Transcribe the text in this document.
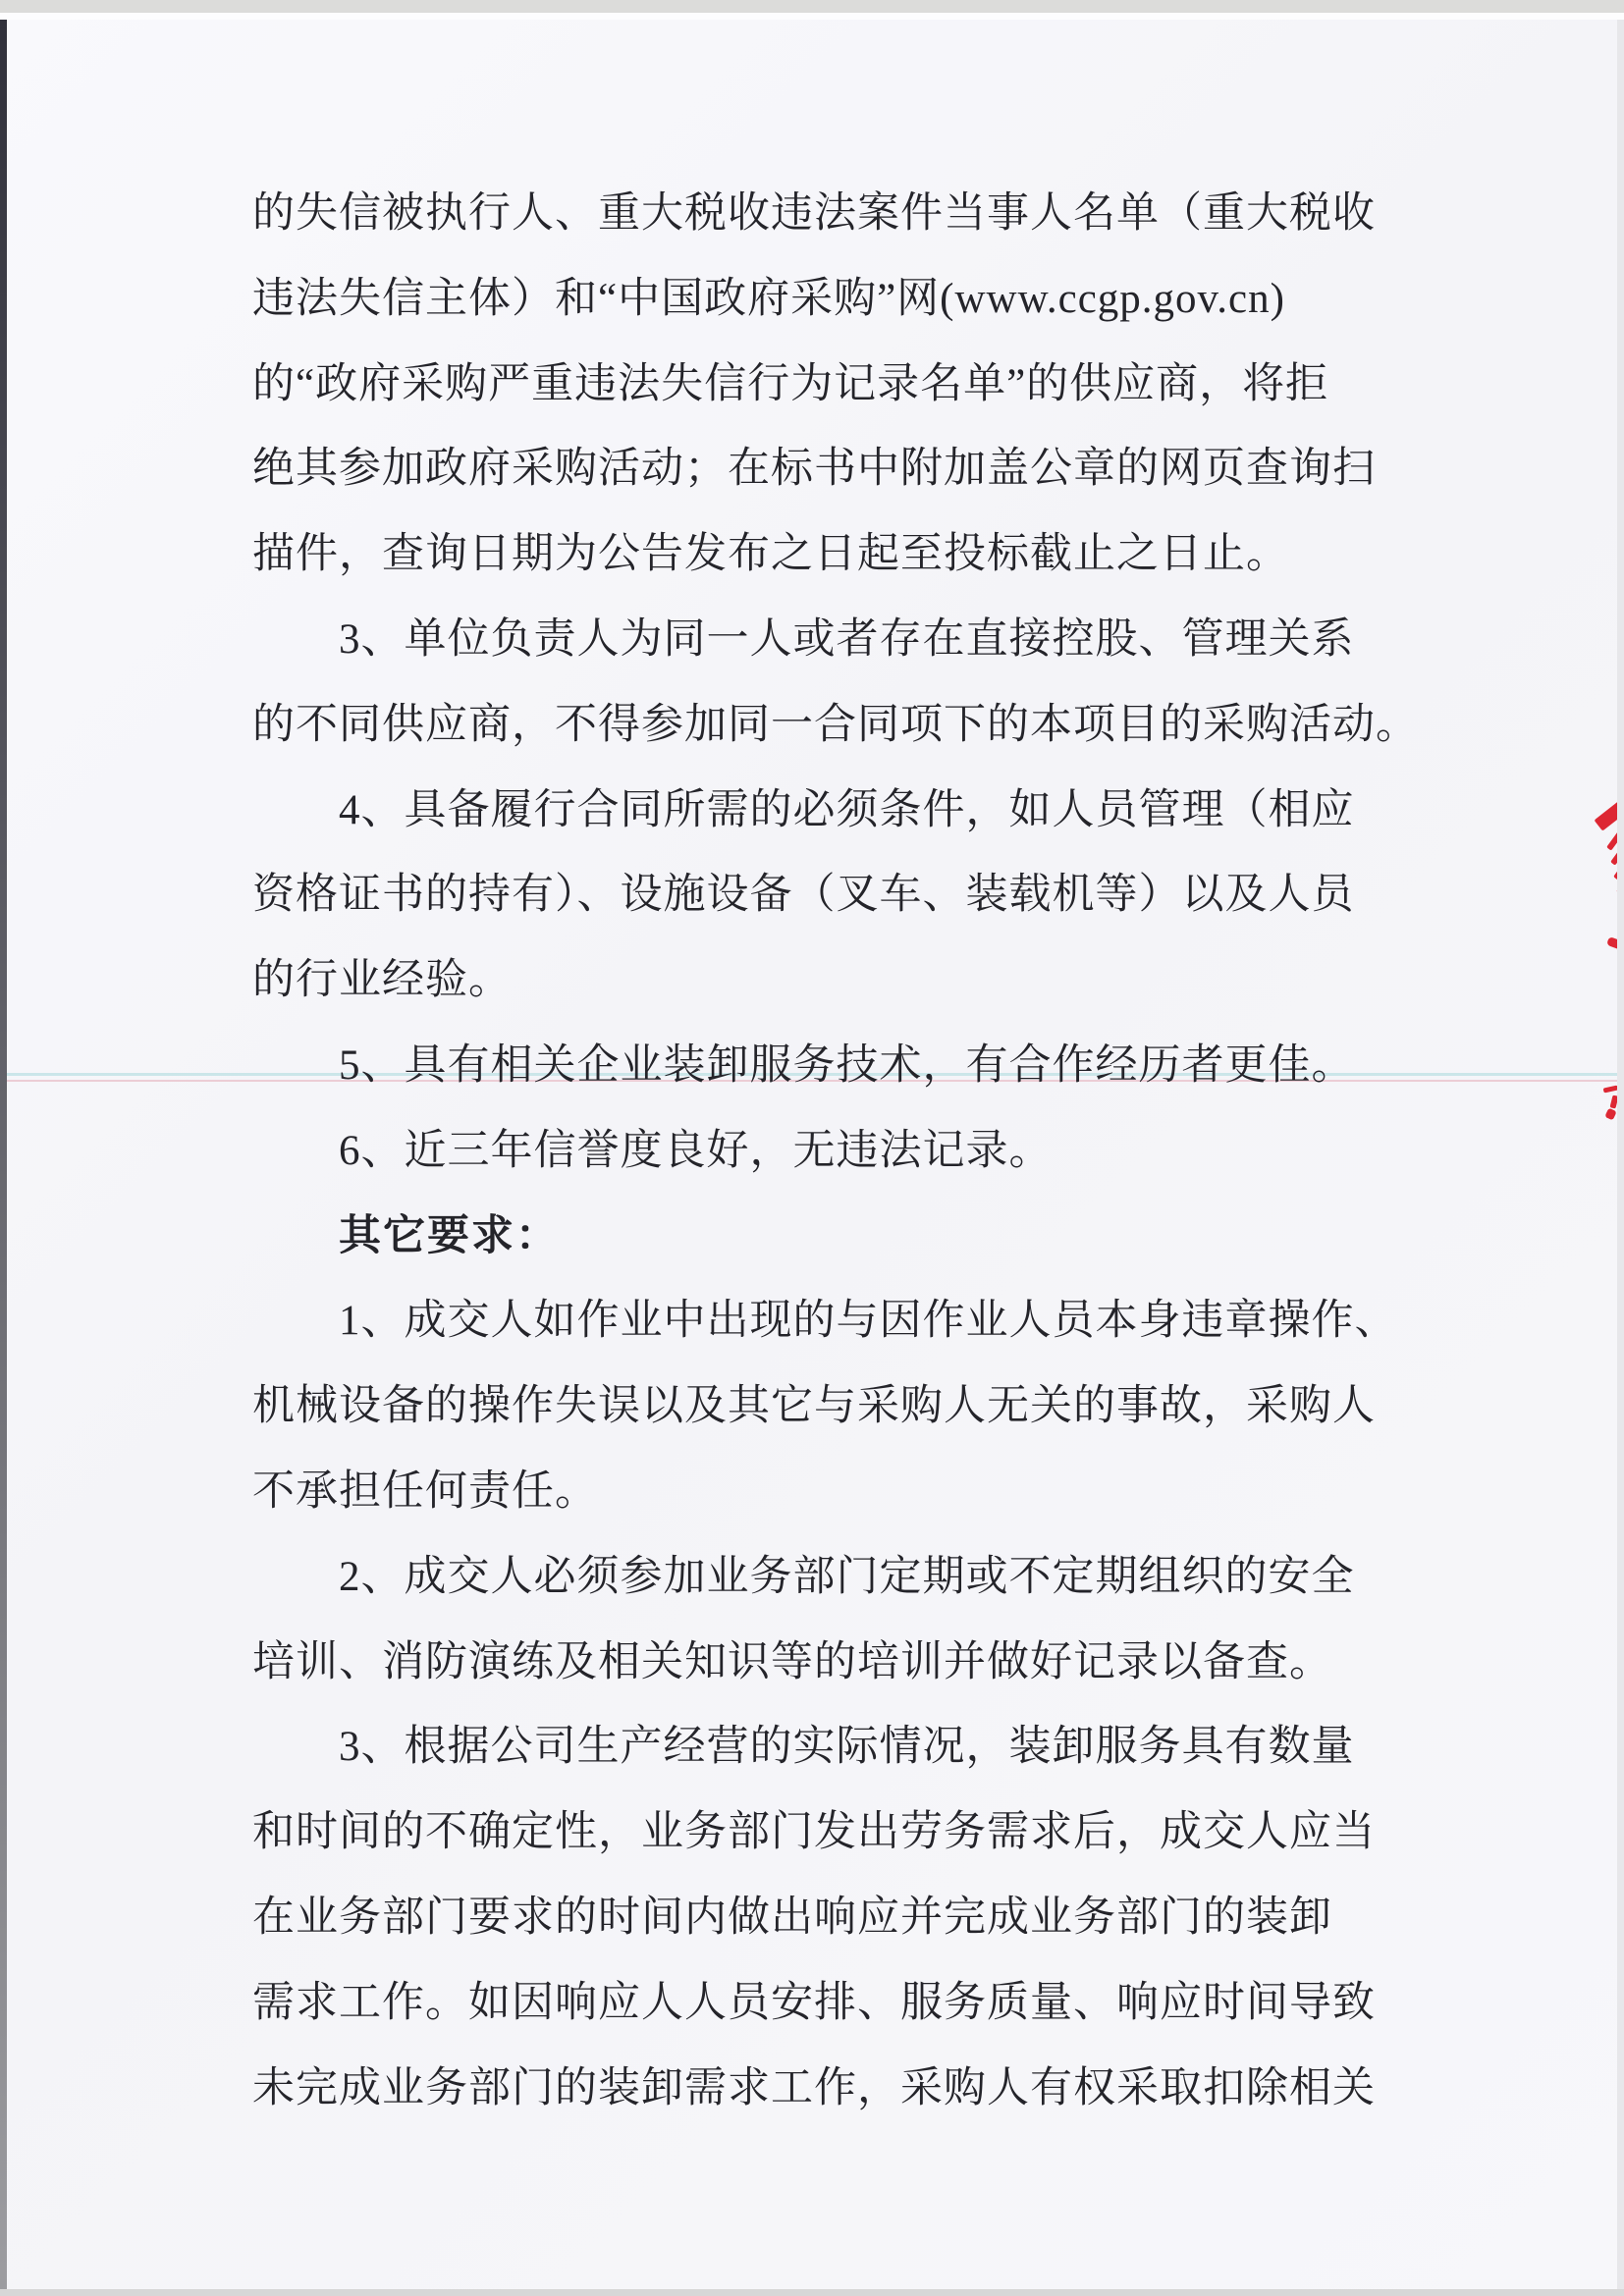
的失信被执行人、重大税收违法案件当事人名单（重大税收
违法失信主体）和“中国政府采购”网(www.ccgp.gov.cn)
的“政府采购严重违法失信行为记录名单”的供应商，将拒
绝其参加政府采购活动；在标书中附加盖公章的网页查询扫
描件，查询日期为公告发布之日起至投标截止之日止。
3、单位负责人为同一人或者存在直接控股、管理关系
的不同供应商，不得参加同一合同项下的本项目的采购活动。
4、具备履行合同所需的必须条件，如人员管理（相应
资格证书的持有）、设施设备（叉车、装载机等）以及人员
的行业经验。
5、具有相关企业装卸服务技术，有合作经历者更佳。
6、近三年信誉度良好，无违法记录。
其它要求：
1、成交人如作业中出现的与因作业人员本身违章操作、
机械设备的操作失误以及其它与采购人无关的事故，采购人
不承担任何责任。
2、成交人必须参加业务部门定期或不定期组织的安全
培训、消防演练及相关知识等的培训并做好记录以备查。
3、根据公司生产经营的实际情况，装卸服务具有数量
和时间的不确定性，业务部门发出劳务需求后，成交人应当
在业务部门要求的时间内做出响应并完成业务部门的装卸
需求工作。如因响应人人员安排、服务质量、响应时间导致
未完成业务部门的装卸需求工作，采购人有权采取扣除相关
